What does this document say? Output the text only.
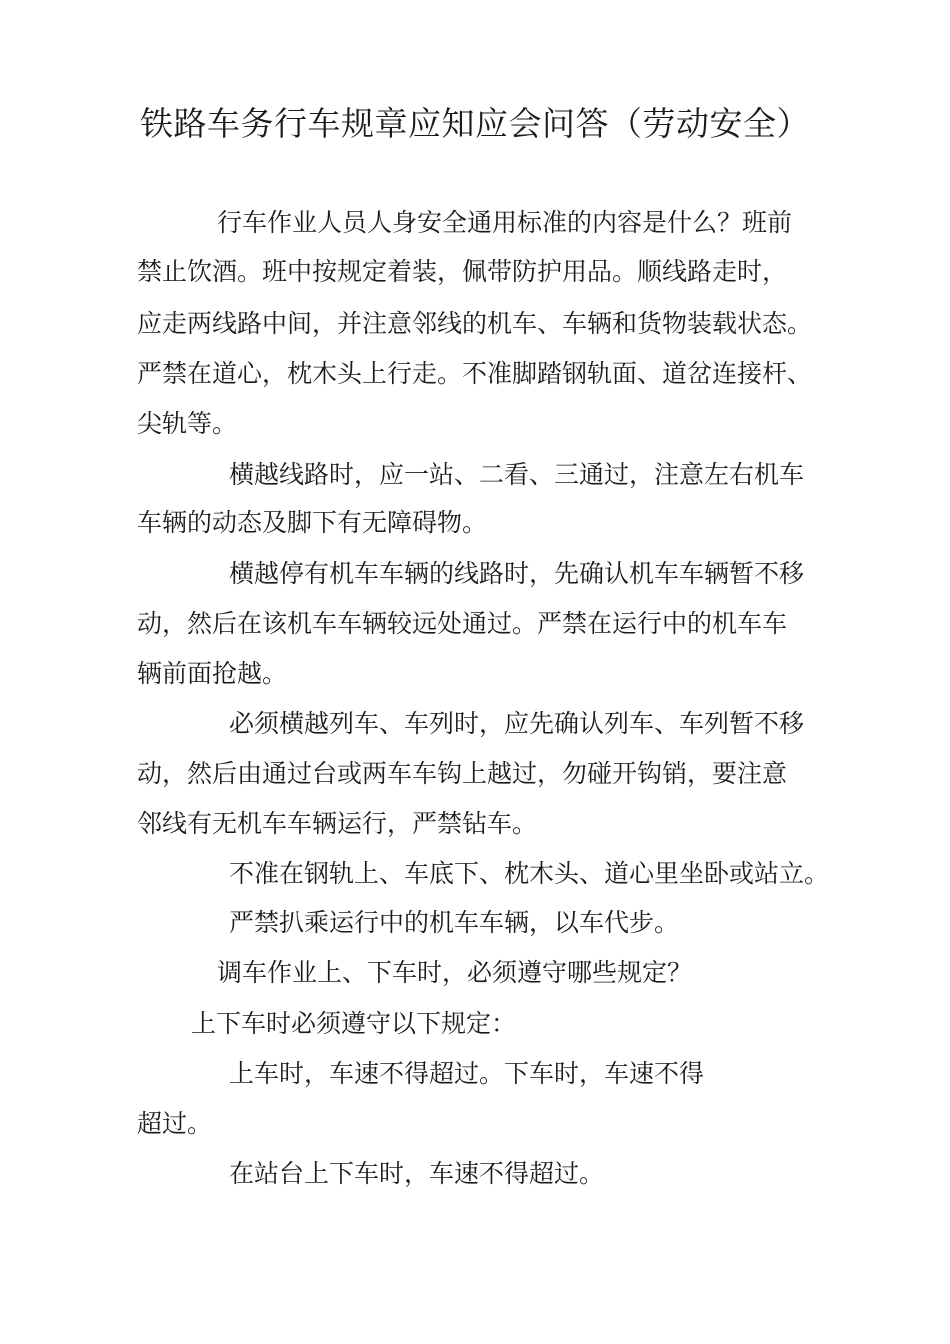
铁路车务行车规章应知应会问答（劳动安全）

行车作业人员人身安全通用标准的内容是什么？班前

禁止饮酒。班中按规定着装，佩带防护用品。顺线路走时，

应走两线路中间，并注意邻线的机车、车辆和货物装载状态。

严禁在道心，枕木头上行走。不准脚踏钢轨面、道岔连接杆、

尖轨等。

横越线路时，应一站、二看、三通过，注意左右机车

车辆的动态及脚下有无障碍物。

横越停有机车车辆的线路时，先确认机车车辆暂不移

动，然后在该机车车辆较远处通过。严禁在运行中的机车车

辆前面抢越。

必须横越列车、车列时，应先确认列车、车列暂不移

动，然后由通过台或两车车钩上越过，勿碰开钩销，要注意

邻线有无机车车辆运行，严禁钻车。

不准在钢轨上、车底下、枕木头、道心里坐卧或站立。

严禁扒乘运行中的机车车辆，以车代步。

调车作业上、下车时，必须遵守哪些规定？

上下车时必须遵守以下规定：

上车时，车速不得超过。下车时，车速不得

超过。

在站台上下车时，车速不得超过。
